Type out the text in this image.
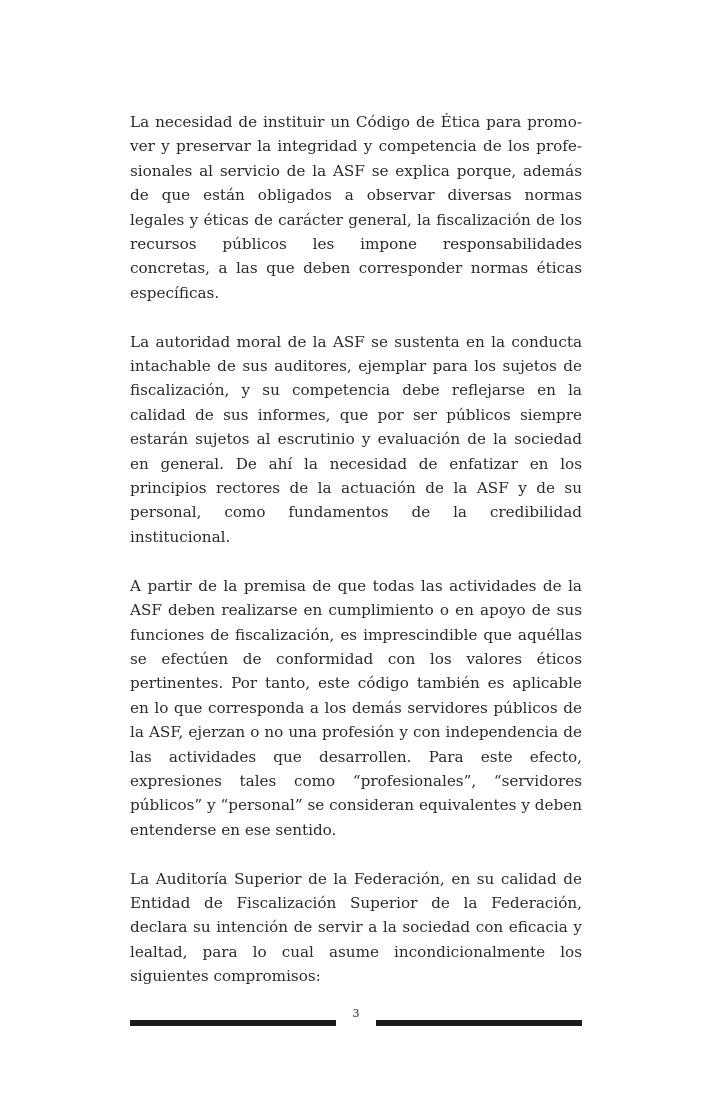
La necesidad de instituir un Código de Ética para promover y preservar la integridad y competencia de los profesionales al servicio de la ASF se explica porque, además de que están obligados a observar diversas normas legales y éticas de carácter general, la fiscalización de los recursos públicos les impone responsabilidades concretas, a las que deben corresponder normas éticas específicas.

La autoridad moral de la ASF se sustenta en la conducta intachable de sus auditores, ejemplar para los sujetos de fiscalización, y su competencia debe reflejarse en la calidad de sus informes, que por ser públicos siempre estarán sujetos al escrutinio y evaluación de la sociedad en general. De ahí la necesidad de enfatizar en los principios rectores de la actuación de la ASF y de su personal, como fundamentos de la credibilidad institucional.

A partir de la premisa de que todas las actividades de la ASF deben realizarse en cumplimiento o en apoyo de sus funciones de fiscalización, es imprescindible que aquéllas se efectúen de conformidad con los valores éticos pertinentes. Por tanto, este código también es aplicable en lo que corresponda a los demás servidores públicos de la ASF, ejerzan o no una profesión y con independencia de las actividades que desarrollen. Para este efecto, expresiones tales como “profesionales”, “servidores públicos” y “personal” se consideran equivalentes y deben entenderse en ese sentido.

La Auditoría Superior de la Federación, en su calidad de Entidad de Fiscalización Superior de la Federación, declara su intención de servir a la sociedad con eficacia y lealtad, para lo cual asume incondicionalmente los siguientes compromisos:

3
